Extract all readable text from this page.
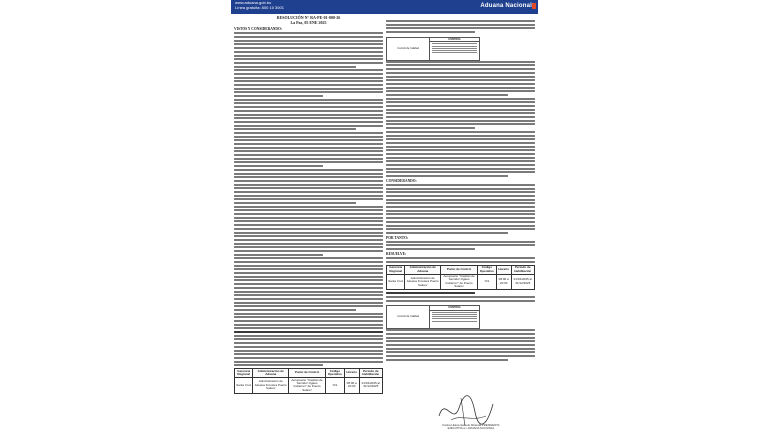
www.aduana.gob.bo
Línea gratuita: 800 10 3001	Aduana Nacional
RESOLUCIÓN N° RA-PE-01-000-26
La Paz, 05 ENE 2025
VISTOS Y CONSIDERANDO:
Gerencia Regional	Administración de Aduana	Punto de Control	Código Operativo	Horario	Periodo de Habilitación
Santa Cruz	Administración de Aduana Frontera Puerto Suárez	Aeropuerto "Capitán de Servidor Ogaso Gutiérrez" de Puerto Suárez	721	08:00 a 20:00	01/01/2025 al 31/12/2025
Control de Calidad
CONTROL
CONSIDERANDO:
POR TANTO:
RESUELVE:
Gerencia Regional	Administración de Aduana	Punto de Control	Código Operativo	Horario	Periodo de Habilitación
Santa Cruz	Administración de Aduana Frontera Puerto Suárez	Aeropuerto "Capitán de Servidor Ogaso Gutiérrez" de Puerto Suárez	721	08:00 a 20:00	01/01/2025 al 31/12/2025
Control de Calidad
CONTROL
Karina Liliana Serrudo Miranda PRESIDENTA EJECUTIVA a.i. ADUANA NACIONAL
